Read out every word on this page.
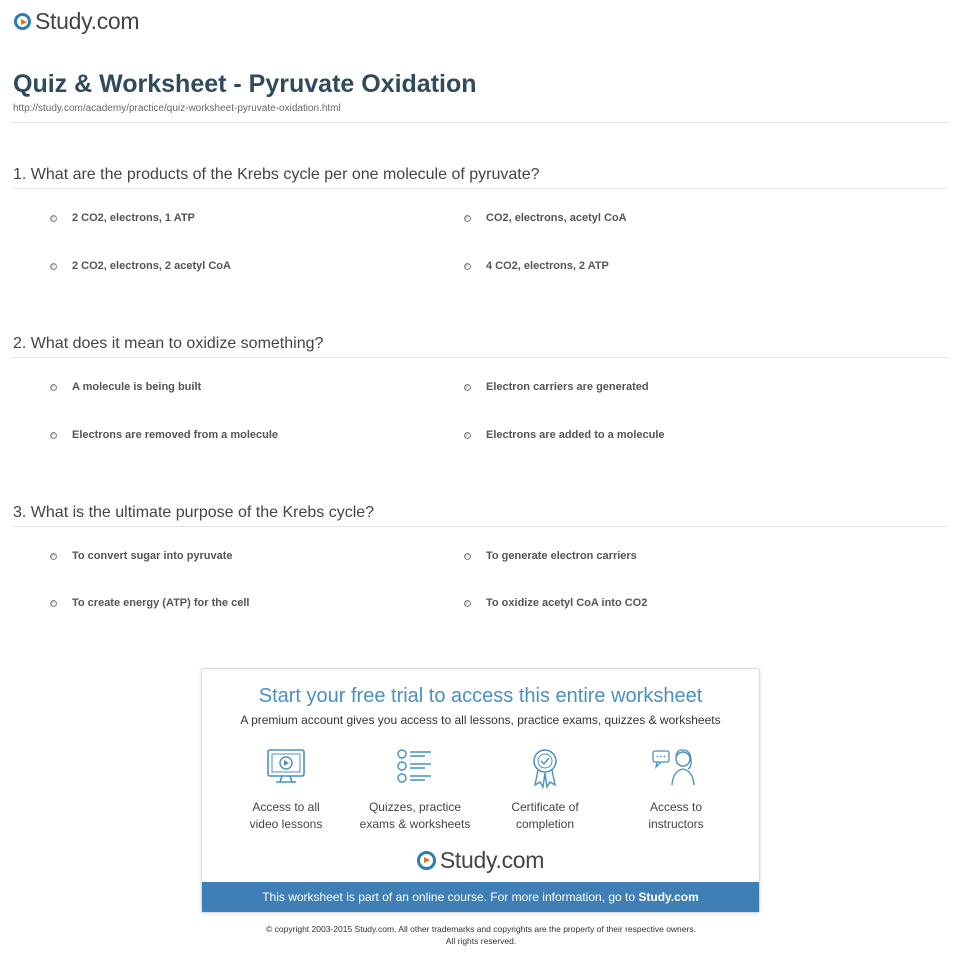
Study.com
Quiz & Worksheet - Pyruvate Oxidation
http://study.com/academy/practice/quiz-worksheet-pyruvate-oxidation.html
1. What are the products of the Krebs cycle per one molecule of pyruvate?
2 CO2, electrons, 1 ATP	CO2, electrons, acetyl CoA
2 CO2, electrons, 2 acetyl CoA	4 CO2, electrons, 2 ATP
2. What does it mean to oxidize something?
A molecule is being built	Electron carriers are generated
Electrons are removed from a molecule	Electrons are added to a molecule
3. What is the ultimate purpose of the Krebs cycle?
To convert sugar into pyruvate	To generate electron carriers
To create energy (ATP) for the cell	To oxidize acetyl CoA into CO2
Start your free trial to access this entire worksheet
A premium account gives you access to all lessons, practice exams, quizzes & worksheets
Access to all
video lessons
Quizzes, practice
exams & worksheets
Certificate of
completion
Access to
instructors
Study.com
This worksheet is part of an online course. For more information, go to Study.com
© copyright 2003-2015 Study.com. All other trademarks and copyrights are the property of their respective owners.
All rights reserved.
